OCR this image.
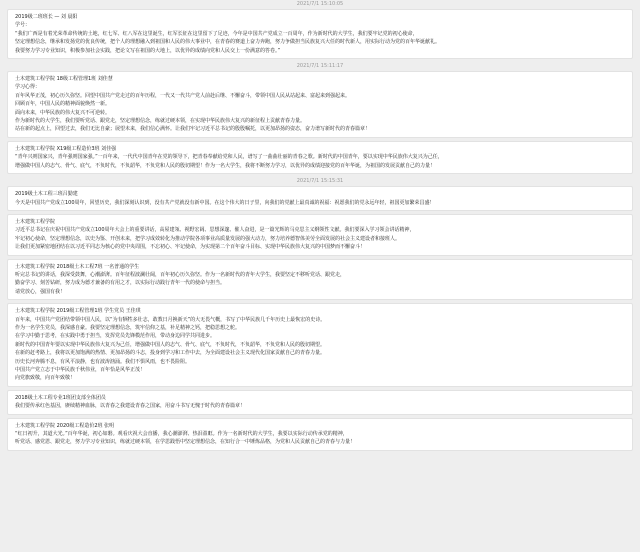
2021/7/1 15:10:05
2019级二班班长 — 刘 晨阳
学号：
“我们广西是有着光荣革命传统的土地，红七军、红八军在这里诞生，红军长征在这里留下了足迹，今年是中国共产党成立一百周年，作为新时代的大学生，我们要牢记党的初心使命，
坚定理想信念，继承和发扬党的优良传统，把个人的理想融入到祖国和人民的伟大事业中，在青春的赛道上奋力奔跑，努力争做担当民族复兴大任的时代新人，用实际行动为党的百年华诞献礼。
我要努力学习专业知识，积极参加社会实践，把论文写在祖国的大地上，以优异的成绩向党和人民交上一份满意的答卷。”
2021/7/1 15:11:17
土木建筑工程学院 18级工程管理1班 刘佳慧
学习心得：
百年风华正茂，初心历久弥坚。回望中国共产党走过的百年历程，一代又一代共产党人前赴后继、不懈奋斗，带领中国人民从站起来、富起来到强起来。
回顾百年，中国人民的精神面貌焕然一新。
面向未来，中华民族的伟大复兴不可逆转。
作为新时代的大学生，我们要听党话、跟党走，坚定理想信念，练就过硬本领，在实现中华民族伟大复兴的新征程上贡献青春力量。
站在新的起点上，回望过去，我们无比自豪；展望未来，我们信心满怀。让我们牢记习近平总书记的殷殷嘱托，以更加昂扬的姿态，奋力谱写新时代的青春篇章！
土木建筑工程学院 X19级工程造价3班 刘佳强
“青年兴则国家兴，青年强则国家强。”一百年来，一代代中国青年在党的领导下，把青春奉献给党和人民，谱写了一曲曲壮丽的青春之歌。新时代的中国青年，要以实现中华民族伟大复兴为己任，
增强做中国人的志气、骨气、底气，不负时代，不负韶华，不负党和人民的殷切期望！作为一名大学生，我将不断努力学习，以优异的成绩迎接党的百年华诞，为祖国的发展贡献自己的力量！
2021/7/1 15:15:31
2019级土木工程三班吕勤建
今天是中国共产党成立100周年，回望历史，我们深刻认识到，没有共产党就没有新中国。在这个伟大的日子里，向我们的党献上最真诚的祝福：祝愿我们的党永远年轻，祖国更加繁荣昌盛！
土木建筑工程学院
习近平总书记在庆祝中国共产党成立100周年大会上的重要讲话，高屋建瓴、视野宏阔、思想深邃、催人奋进，是一篇光辉的马克思主义纲领性文献。我们要深入学习领会讲话精神，
牢记初心使命，坚定理想信念，以史为鉴、开创未来，把学习成效转化为推动学院各项事业高质量发展的强大动力，努力培养德智体美劳全面发展的社会主义建设者和接班人。
让我们更加紧密地团结在以习近平同志为核心的党中央周围，不忘初心、牢记使命，为实现第二个百年奋斗目标、实现中华民族伟大复兴的中国梦而不懈奋斗！
土木建筑工程学院 2018级土木工程7班 一名普通的学生
听完总书记的讲话，我深受鼓舞，心潮澎湃。百年征程波澜壮阔，百年初心历久弥坚。作为一名新时代的青年大学生，我要坚定不移听党话、跟党走，
勤奋学习、刻苦钻研，努力成为德才兼备的有用之才，以实际行动践行青年一代的使命与担当。
请党放心，强国有我！
土木建筑工程学院 2019级工程管理1班 学生党员 王佳琪
百年来，中国共产党团结带领中国人民，以“为有牺牲多壮志，敢教日月换新天”的大无畏气概，书写了中华民族几千年历史上最恢宏的史诗。
作为一名学生党员，我深感自豪。我要坚定理想信念，筑牢信仰之基，补足精神之钙，把稳思想之舵。
在学习中勤于思考，在实践中勇于担当，发挥党员先锋模范作用，带动身边同学共同进步。
新时代的中国青年要以实现中华民族伟大复兴为己任，增强做中国人的志气、骨气、底气，不负时代，不负韶华，不负党和人民的殷切期望。
在新的赶考路上，我将以更加饱满的热情、更加昂扬的斗志，投身到学习和工作中去，为全面建设社会主义现代化国家贡献自己的青春力量。
历史长河奔腾不息，有风平浪静，也有波涛汹涌。我们不惧风雨，也不畏险阻。
中国共产党立志于中华民族千秋伟业，百年恰是风华正茂！
向党旗致敬，向百年致敬！
2018级土木工程专业1班团支部全体团员
我们要传承红色基因，赓续精神血脉，以青春之我建设青春之国家，用奋斗书写无愧于时代的青春篇章！
土木建筑工程学院 2020级工程造价2班 张明
“红日初升，其道大光。”百年华诞，初心如磐。观看庆祝大会直播，我心潮澎湃、热泪盈眶。作为一名新时代的大学生，我要以实际行动传承党的精神，
听党话、感党恩、跟党走，努力学习专业知识，练就过硬本领，在学思践悟中坚定理想信念，在知行合一中锤炼品格，为党和人民贡献自己的青春与力量！
